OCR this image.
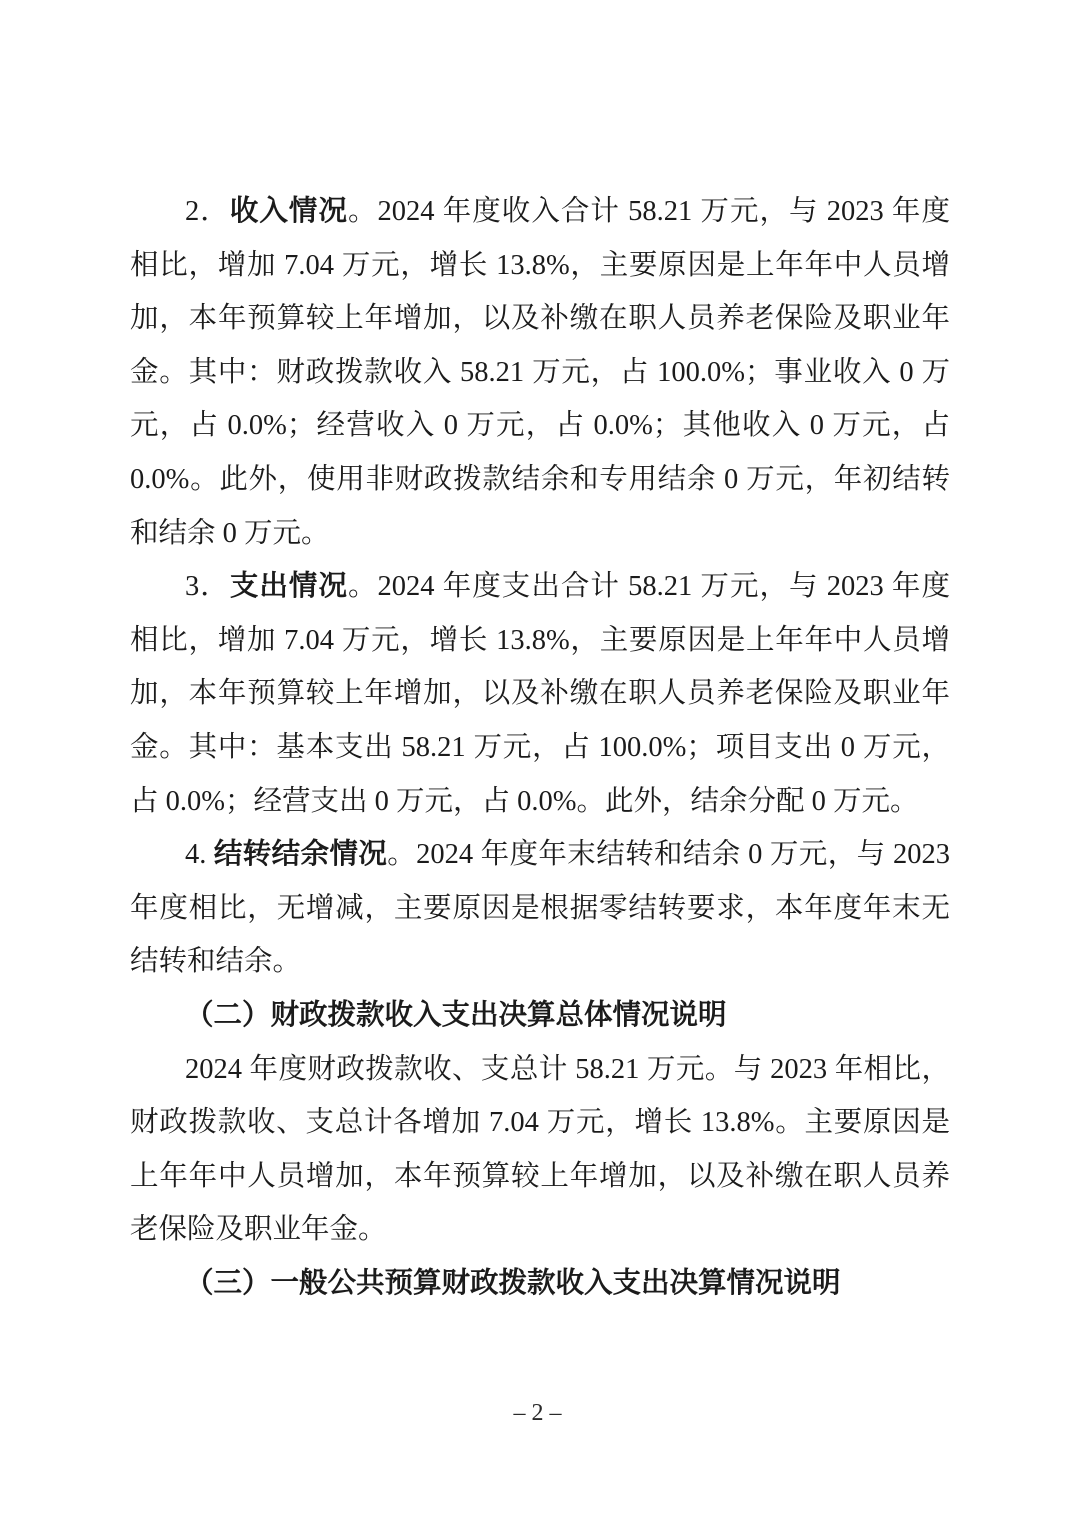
2．收入情况。2024 年度收入合计 58.21 万元，与 2023 年度
相比，增加 7.04 万元，增长 13.8%，主要原因是上年年中人员增
加，本年预算较上年增加，以及补缴在职人员养老保险及职业年
金。其中：财政拨款收入 58.21 万元，占 100.0%；事业收入 0 万
元，占 0.0%；经营收入 0 万元，占 0.0%；其他收入 0 万元，占
0.0%。此外，使用非财政拨款结余和专用结余 0 万元，年初结转
和结余 0 万元。
3．支出情况。2024 年度支出合计 58.21 万元，与 2023 年度
相比，增加 7.04 万元，增长 13.8%，主要原因是上年年中人员增
加，本年预算较上年增加，以及补缴在职人员养老保险及职业年
金。其中：基本支出 58.21 万元，占 100.0%；项目支出 0 万元，
占 0.0%；经营支出 0 万元，占 0.0%。此外，结余分配 0 万元。
4. 结转结余情况。2024 年度年末结转和结余 0 万元，与 2023
年度相比，无增减，主要原因是根据零结转要求，本年度年末无
结转和结余。
（二）财政拨款收入支出决算总体情况说明
2024 年度财政拨款收、支总计 58.21 万元。与 2023 年相比，
财政拨款收、支总计各增加 7.04 万元，增长 13.8%。主要原因是
上年年中人员增加，本年预算较上年增加，以及补缴在职人员养
老保险及职业年金。
（三）一般公共预算财政拨款收入支出决算情况说明
– 2 –
